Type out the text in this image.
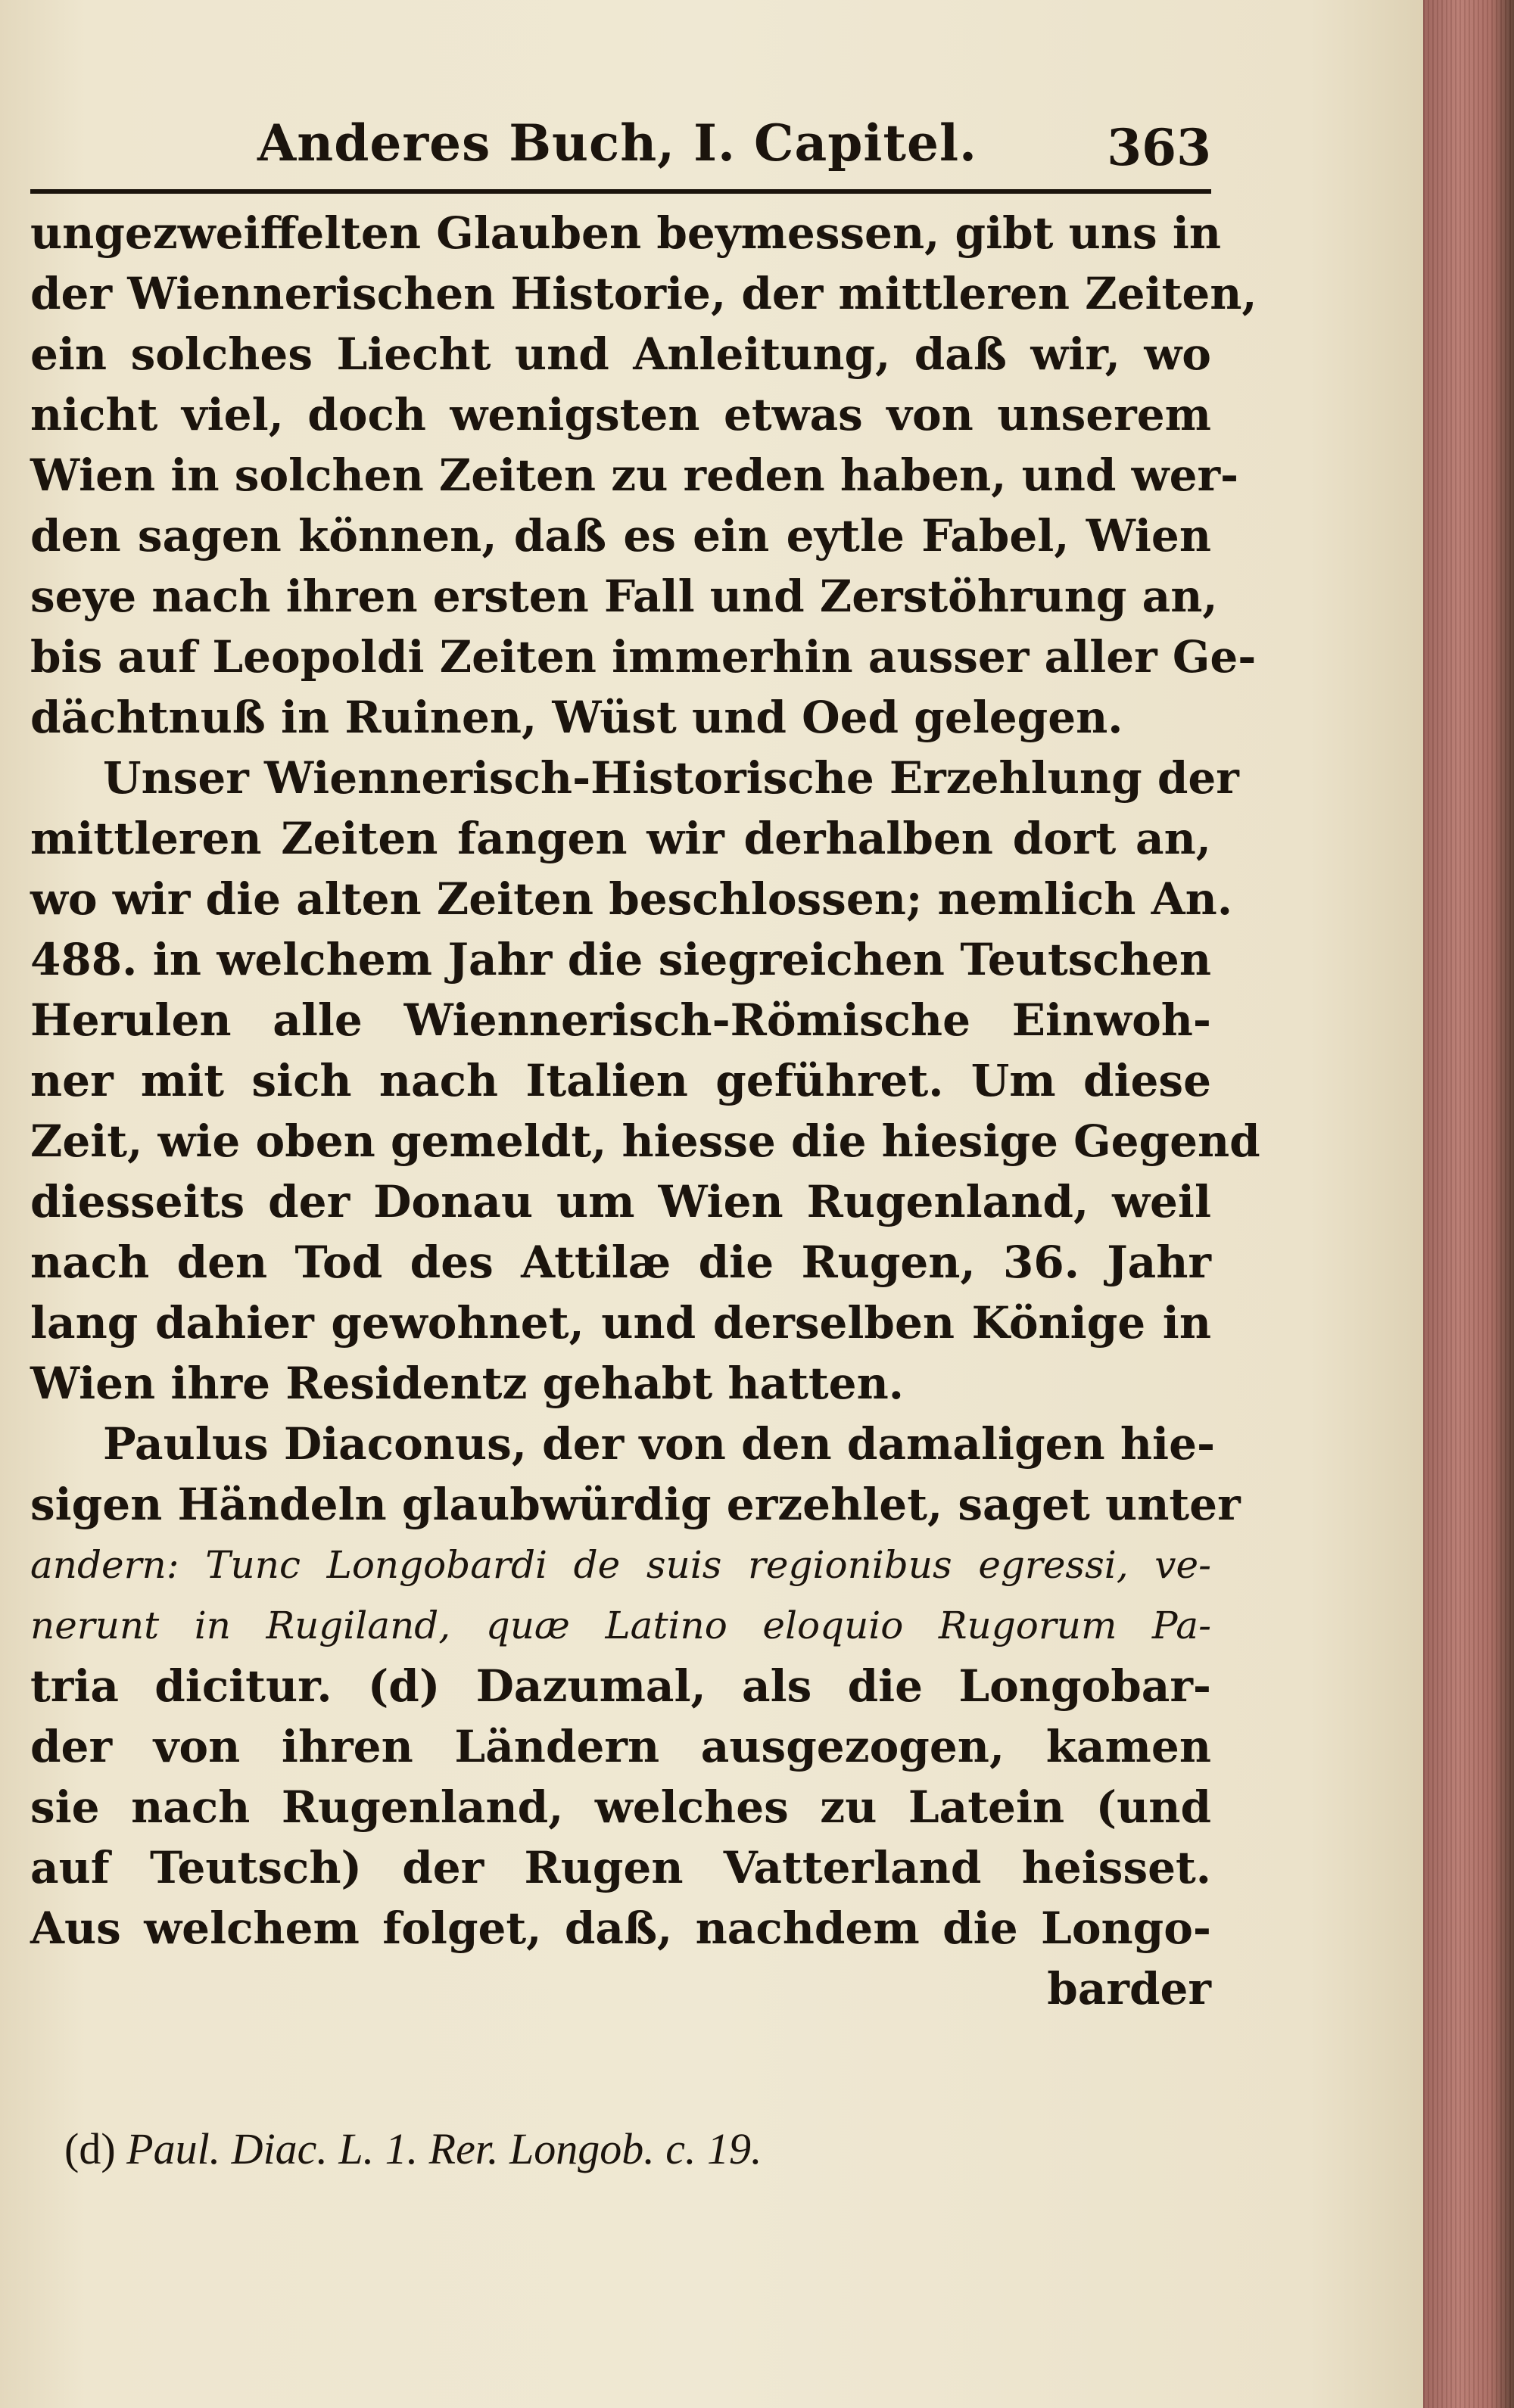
Anderes Buch, I. Capitel.	363
ungezweiffelten Glauben beymessen, gibt uns in
der Wiennerischen Historie, der mittleren Zeiten,
ein solches Liecht und Anleitung, daß wir, wo
nicht viel, doch wenigsten etwas von unserem
Wien in solchen Zeiten zu reden haben, und wer-
den sagen können, daß es ein eytle Fabel, Wien
seye nach ihren ersten Fall und Zerstöhrung an,
bis auf Leopoldi Zeiten immerhin ausser aller Ge-
dächtnuß in Ruinen, Wüst und Oed gelegen.
Unser Wiennerisch-Historische Erzehlung der
mittleren Zeiten fangen wir derhalben dort an,
wo wir die alten Zeiten beschlossen; nemlich An.
488. in welchem Jahr die siegreichen Teutschen
Herulen alle Wiennerisch-Römische Einwoh-
ner mit sich nach Italien geführet. Um diese
Zeit, wie oben gemeldt, hiesse die hiesige Gegend
diesseits der Donau um Wien Rugenland, weil
nach den Tod des Attilæ die Rugen, 36. Jahr
lang dahier gewohnet, und derselben Könige in
Wien ihre Residentz gehabt hatten.
Paulus Diaconus, der von den damaligen hie-
sigen Händeln glaubwürdig erzehlet, saget unter
andern: Tunc Longobardi de suis regionibus egressi, ve-
nerunt in Rugiland, quæ Latino eloquio Rugorum Pa-
tria dicitur. (d) Dazumal, als die Longobar-
der von ihren Ländern ausgezogen, kamen
sie nach Rugenland, welches zu Latein (und
auf Teutsch) der Rugen Vatterland heisset.
Aus welchem folget, daß, nachdem die Longo-
barder
(d) Paul. Diac. L. 1. Rer. Longob. c. 19.
